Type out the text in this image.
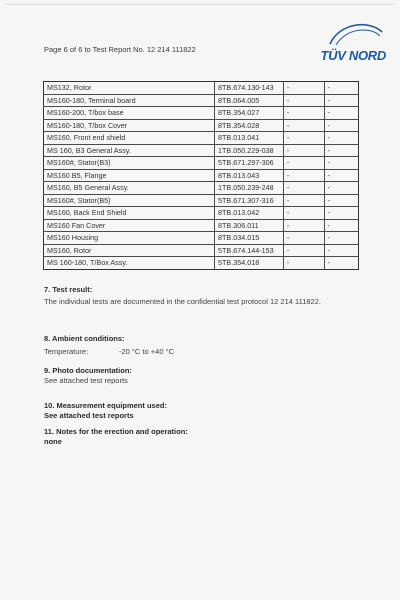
Page 6 of 6 to Test Report No. 12 214 111822	TÜV NORD
MS132, Rotor	8TB.674.130-143	-	-
MS160-180, Terminal board	8TB.064.005	-	-
MS160-200, T/box base	8TB.354.027	-	-
MS160-180, T/box Cover	8TB.354.028	-	-
MS160, Front end shield	8TB.013.041	-	-
MS 160, B3 General Assy.	1TB.050.229-038	-	-
MS160#, Stator(B3)	5TB.671.297-306	-	-
MS160 B5, Flange	8TB.013.043	-	-
MS160, B5 General Assy.	1TB.050.239-248	-	-
MS160#, Stator(B5)	5TB.671.307-316	-	-
MS160, Back End Shield	8TB.013.042	-	-
MS160 Fan Cover	8TB.306.011	-	-
MS160 Housing	8TB.034.015	-	-
MS160, Rotor	5TB.674.144-153	-	-
MS 160-180, T/Box Assy.	5TB.354.018	-	-
7. Test result:
The individual tests are documented in the confidential test protocol 12 214 111822.
8. Ambient conditions:
Temperature:	-20 °C to +40 °C
9. Photo documentation:
See attached test reports
10. Measurement equipment used:
See attached test reports
11. Notes for the erection and operation:
none
